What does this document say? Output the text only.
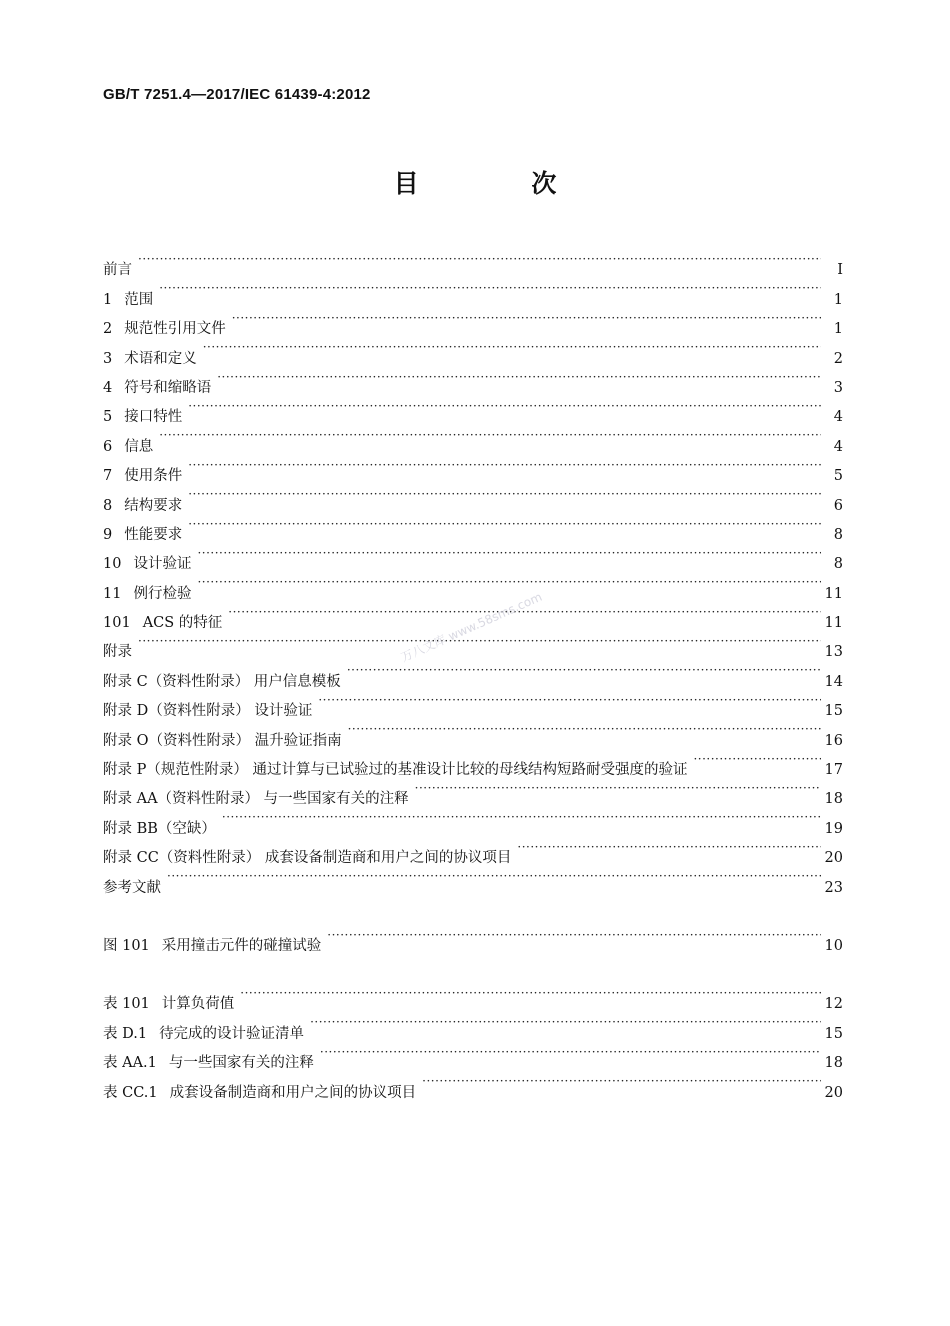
GB/T 7251.4—2017/IEC 61439-4:2012
目 次
前言 ·····	I
1 范围 ·····	1
2 规范性引用文件 ·····	1
3 术语和定义 ·····	2
4 符号和缩略语 ·····	3
5 接口特性 ·····	4
6 信息 ·····	4
7 使用条件 ·····	5
8 结构要求 ·····	6
9 性能要求 ·····	8
10 设计验证 ·····	8
11 例行检验 ·····	11
101 ACS 的特征 ·····	11
附录 ·····	13
附录 C（资料性附录） 用户信息模板 ·····	14
附录 D（资料性附录） 设计验证 ·····	15
附录 O（资料性附录） 温升验证指南 ·····	16
附录 P（规范性附录） 通过计算与已试验过的基准设计比较的母线结构短路耐受强度的验证 ·····	17
附录 AA（资料性附录） 与一些国家有关的注释 ·····	18
附录 BB（空缺） ·····	19
附录 CC（资料性附录） 成套设备制造商和用户之间的协议项目 ·····	20
参考文献 ·····	23
图 101 采用撞击元件的碰撞试验 ·····	10
表 101 计算负荷值 ·····	12
表 D.1 待完成的设计验证清单 ·····	15
表 AA.1 与一些国家有关的注释 ·····	18
表 CC.1 成套设备制造商和用户之间的协议项目 ·····	20
万八文库 www.58sms.com
